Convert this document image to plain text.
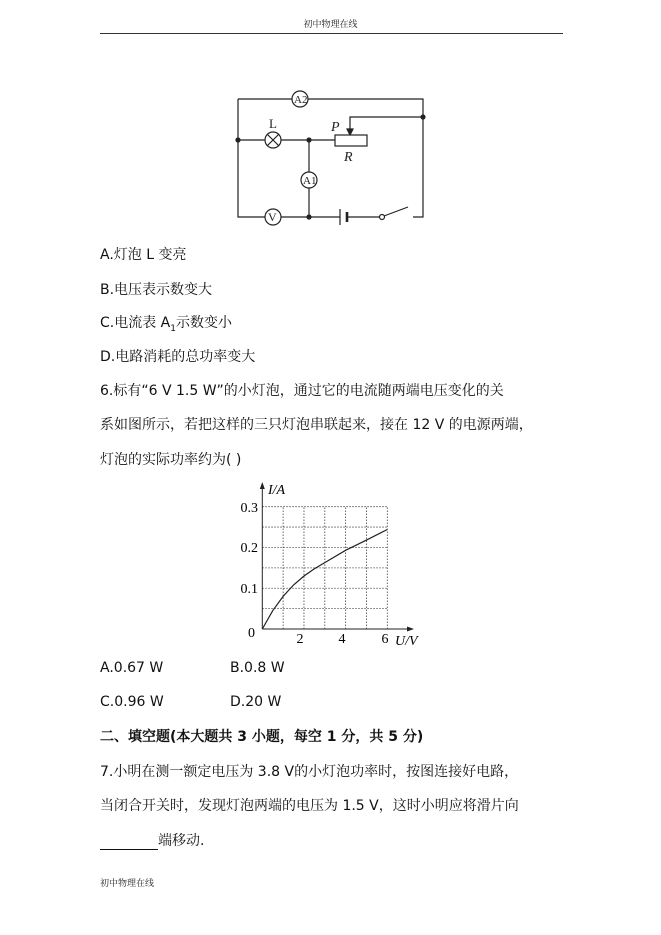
初中物理在线
A2
L	P
R
A1
V
A.灯泡 L 变亮
B.电压表示数变大
C.电流表 $A_1$示数变小
D.电路消耗的总功率变大
6.标有“6 V 1.5 W”的小灯泡，通过它的电流随两端电压变化的关
系如图所示，若把这样的三只灯泡串联起来，接在 12 V 的电源两端，
灯泡的实际功率约为( )
I/A
U/V
0	2	4	6
0.1
0.2
0.3
A.0.67 W	B.0.8 W
C.0.96 W	D.20 W
二、填空题(本大题共 3 小题，每空 1 分，共 5 分)
7.小明在测一额定电压为 3.8 V的小灯泡功率时，按图连接好电路，
当闭合开关时，发现灯泡两端的电压为 1.5 V，这时小明应将滑片向
端移动.
初中物理在线
